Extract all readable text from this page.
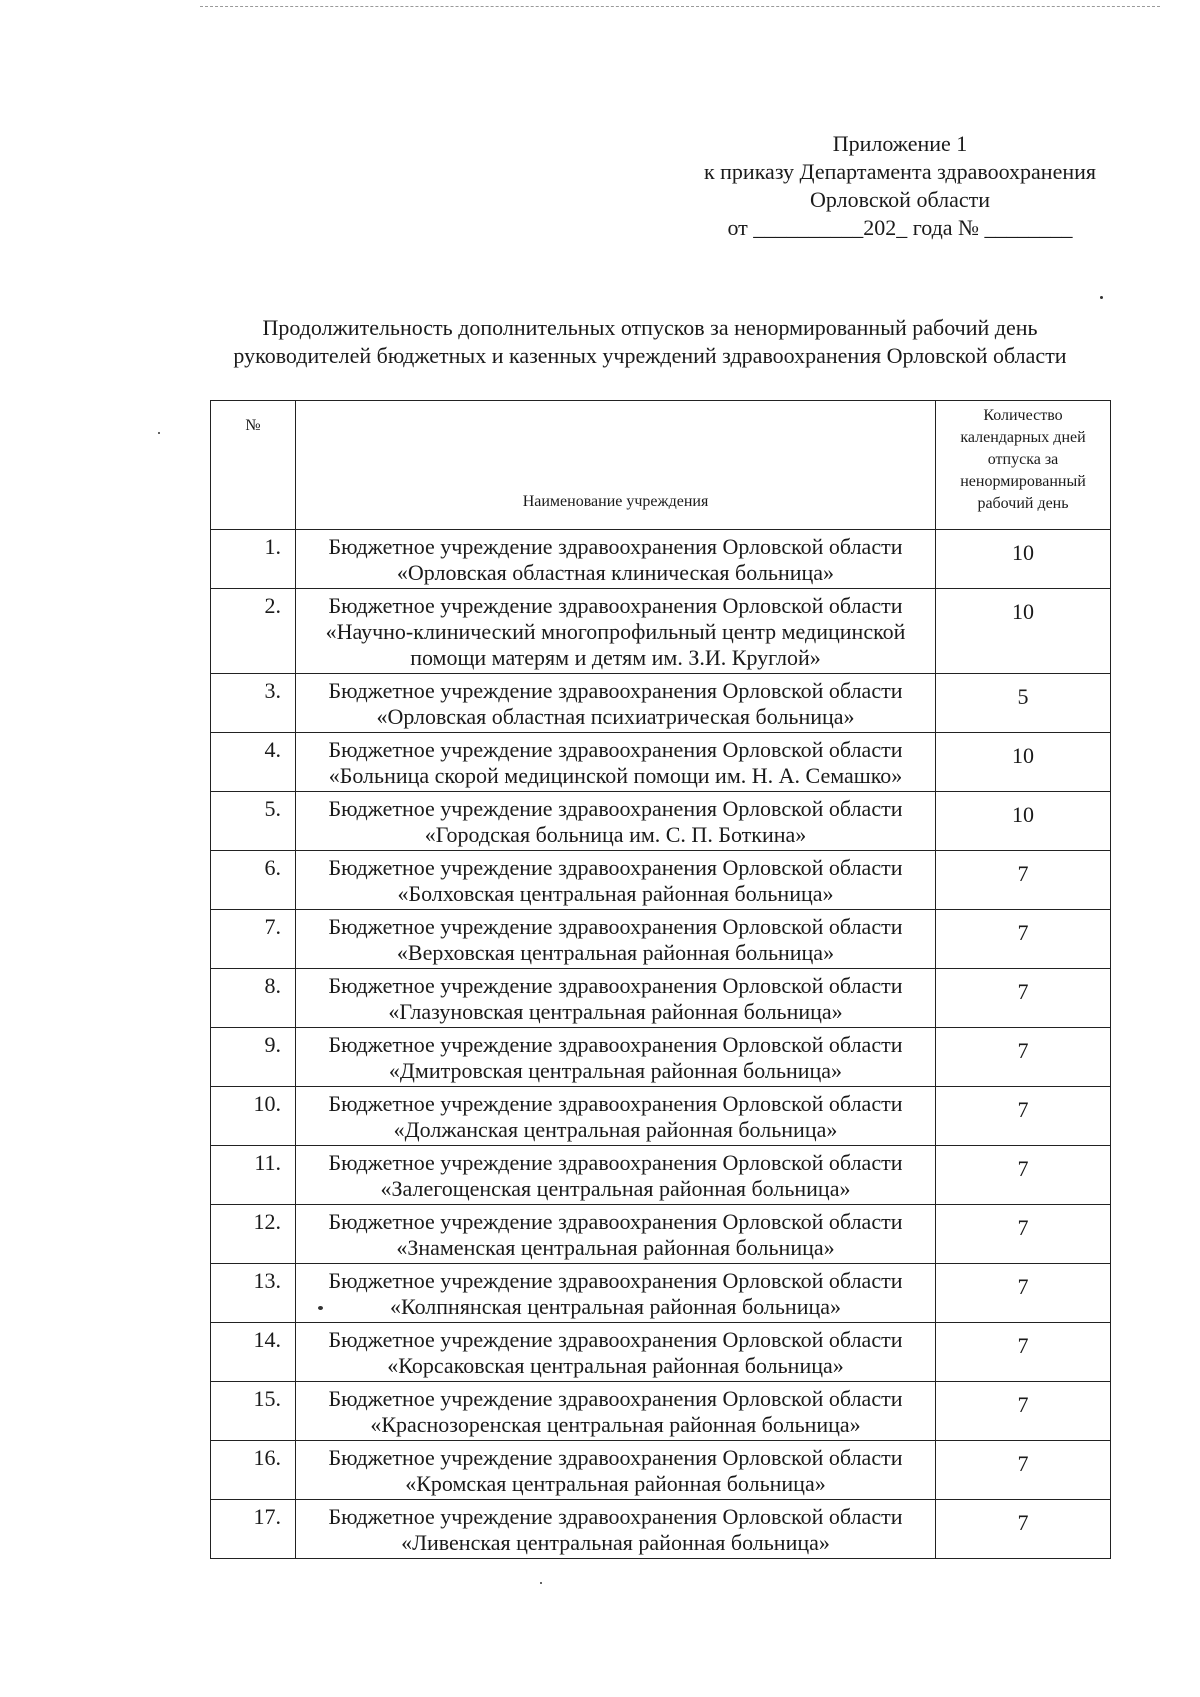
Приложение 1
к приказу Департамента здравоохранения
Орловской области
от __________202_ года № ________
Продолжительность дополнительных отпусков за ненормированный рабочий день
руководителей бюджетных и казенных учреждений здравоохранения Орловской области
№	Наименование учреждения	Количество календарных дней отпуска за ненормированный рабочий день
1.	Бюджетное учреждение здравоохранения Орловской области «Орловская областная клиническая больница»	10
2.	Бюджетное учреждение здравоохранения Орловской области «Научно-клинический многопрофильный центр медицинской помощи матерям и детям им. З.И. Круглой»	10
3.	Бюджетное учреждение здравоохранения Орловской области «Орловская областная психиатрическая больница»	5
4.	Бюджетное учреждение здравоохранения Орловской области «Больница скорой медицинской помощи им. Н. А. Семашко»	10
5.	Бюджетное учреждение здравоохранения Орловской области «Городская больница им. С. П. Боткина»	10
6.	Бюджетное учреждение здравоохранения Орловской области «Болховская центральная районная больница»	7
7.	Бюджетное учреждение здравоохранения Орловской области «Верховская центральная районная больница»	7
8.	Бюджетное учреждение здравоохранения Орловской области «Глазуновская центральная районная больница»	7
9.	Бюджетное учреждение здравоохранения Орловской области «Дмитровская центральная районная больница»	7
10.	Бюджетное учреждение здравоохранения Орловской области «Должанская центральная районная больница»	7
11.	Бюджетное учреждение здравоохранения Орловской области «Залегощенская центральная районная больница»	7
12.	Бюджетное учреждение здравоохранения Орловской области «Знаменская центральная районная больница»	7
13.	Бюджетное учреждение здравоохранения Орловской области «Колпнянская центральная районная больница»	7
14.	Бюджетное учреждение здравоохранения Орловской области «Корсаковская центральная районная больница»	7
15.	Бюджетное учреждение здравоохранения Орловской области «Краснозоренская центральная районная больница»	7
16.	Бюджетное учреждение здравоохранения Орловской области «Кромская центральная районная больница»	7
17.	Бюджетное учреждение здравоохранения Орловской области «Ливенская центральная районная больница»	7
